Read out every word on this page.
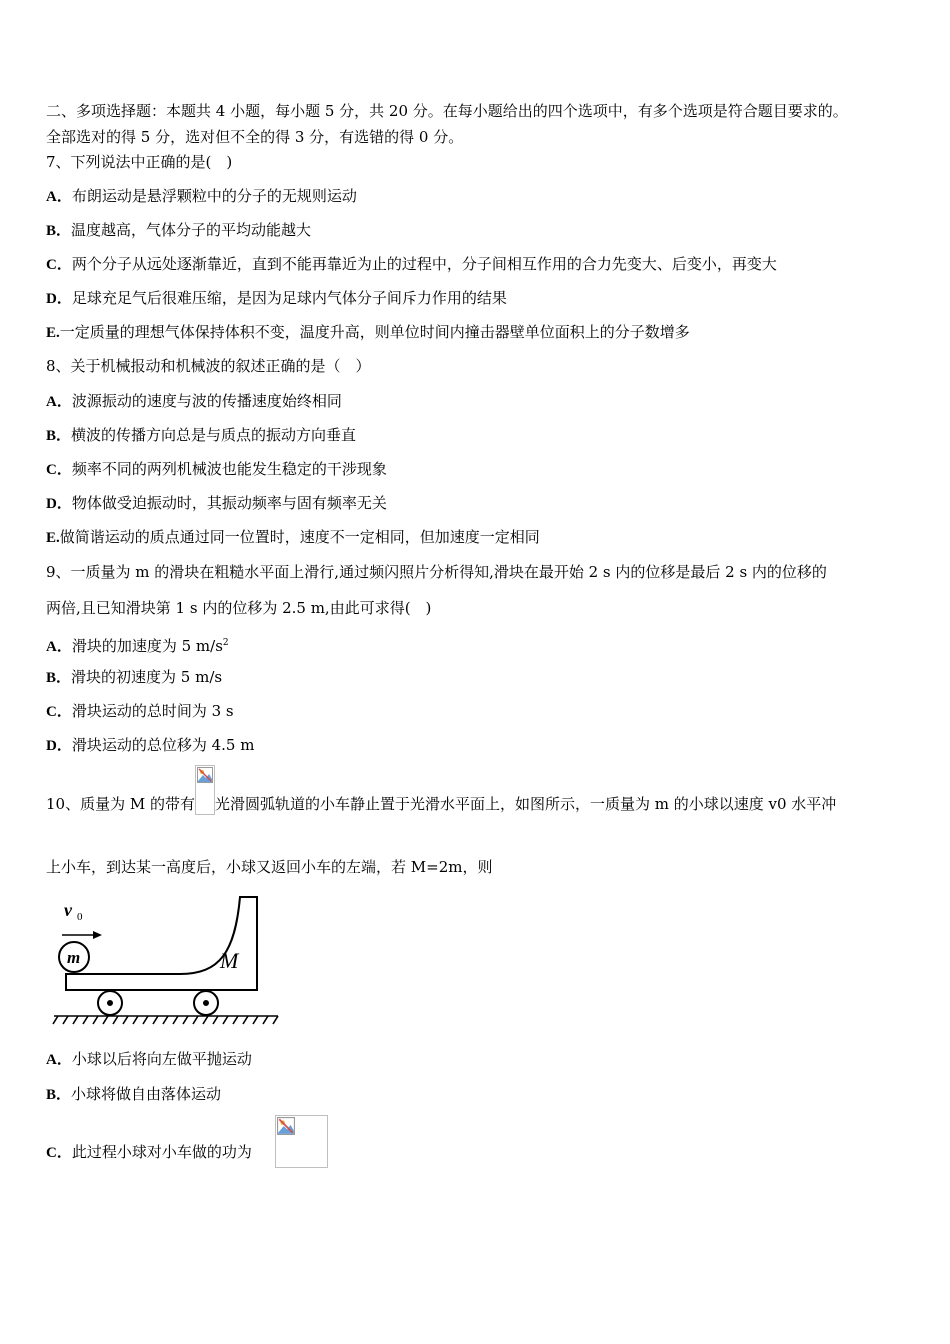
二、多项选择题：本题共 4 小题，每小题 5 分，共 20 分。在每小题给出的四个选项中，有多个选项是符合题目要求的。
全部选对的得 5 分，选对但不全的得 3 分，有选错的得 0 分。
7、下列说法中正确的是(　)
A．布朗运动是悬浮颗粒中的分子的无规则运动
B．温度越高，气体分子的平均动能越大
C．两个分子从远处逐渐靠近，直到不能再靠近为止的过程中，分子间相互作用的合力先变大、后变小，再变大
D．足球充足气后很难压缩，是因为足球内气体分子间斥力作用的结果
E.一定质量的理想气体保持体积不变，温度升高，则单位时间内撞击器壁单位面积上的分子数增多
8、关于机械报动和机械波的叙述正确的是（　）
A．波源振动的速度与波的传播速度始终相同
B．横波的传播方向总是与质点的振动方向垂直
C．频率不同的两列机械波也能发生稳定的干涉现象
D．物体做受迫振动时，其振动频率与固有频率无关
E.做简谐运动的质点通过同一位置时，速度不一定相同，但加速度一定相同
9、一质量为 m 的滑块在粗糙水平面上滑行,通过频闪照片分析得知,滑块在最开始 2 s 内的位移是最后 2 s 内的位移的
两倍,且已知滑块第 1 s 内的位移为 2.5 m,由此可求得(　)
A．滑块的加速度为 5 $m/s^2$
B．滑块的初速度为 5 m/s
C．滑块运动的总时间为 3 s
D．滑块运动的总位移为 4.5 m
10、质量为 M 的带有 光滑圆弧轨道的小车静止置于光滑水平面上，如图所示，一质量为 m 的小球以速度 v0 水平冲
上小车，到达某一高度后，小球又返回小车的左端，若 M=2m，则
m	M
v 0
A．小球以后将向左做平抛运动
B．小球将做自由落体运动
C．此过程小球对小车做的功为
